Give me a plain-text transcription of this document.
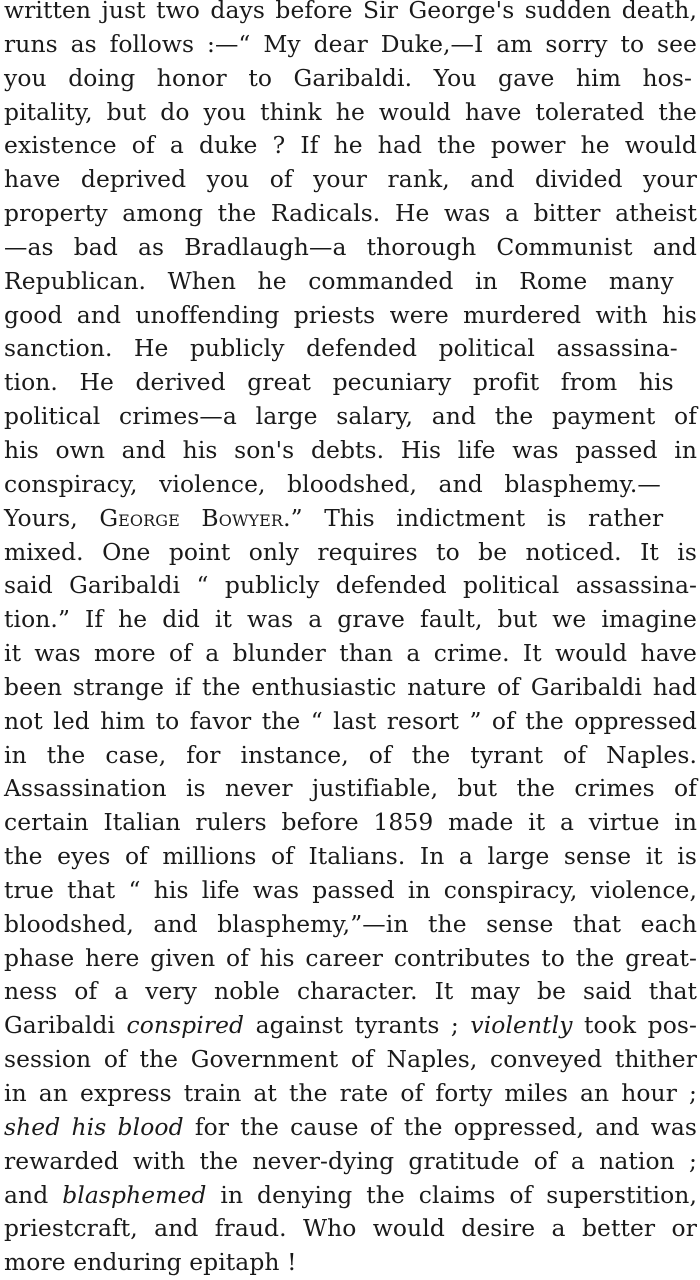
written just two days before Sir George's sudden death,
runs as follows :—“ My dear Duke,—I am sorry to see
you doing honor to Garibaldi. You gave him hos-
pitality, but do you think he would have tolerated the
existence of a duke ? If he had the power he would
have deprived you of your rank, and divided your
property among the Radicals. He was a bitter atheist
—as bad as Bradlaugh—a thorough Communist and
Republican. When he commanded in Rome many
good and unoffending priests were murdered with his
sanction. He publicly defended political assassina-
tion. He derived great pecuniary profit from his
political crimes—a large salary, and the payment of
his own and his son's debts. His life was passed in
conspiracy, violence, bloodshed, and blasphemy.—
Yours, George Bowyer.” This indictment is rather
mixed. One point only requires to be noticed. It is
said Garibaldi “ publicly defended political assassina-
tion.” If he did it was a grave fault, but we imagine
it was more of a blunder than a crime. It would have
been strange if the enthusiastic nature of Garibaldi had
not led him to favor the “ last resort ” of the oppressed
in the case, for instance, of the tyrant of Naples.
Assassination is never justifiable, but the crimes of
certain Italian rulers before 1859 made it a virtue in
the eyes of millions of Italians. In a large sense it is
true that “ his life was passed in conspiracy, violence,
bloodshed, and blasphemy,”—in the sense that each
phase here given of his career contributes to the great-
ness of a very noble character. It may be said that
Garibaldi conspired against tyrants ; violently took pos-
session of the Government of Naples, conveyed thither
in an express train at the rate of forty miles an hour ;
shed his blood for the cause of the oppressed, and was
rewarded with the never-dying gratitude of a nation ;
and blasphemed in denying the claims of superstition,
priestcraft, and fraud. Who would desire a better or
more enduring epitaph !
